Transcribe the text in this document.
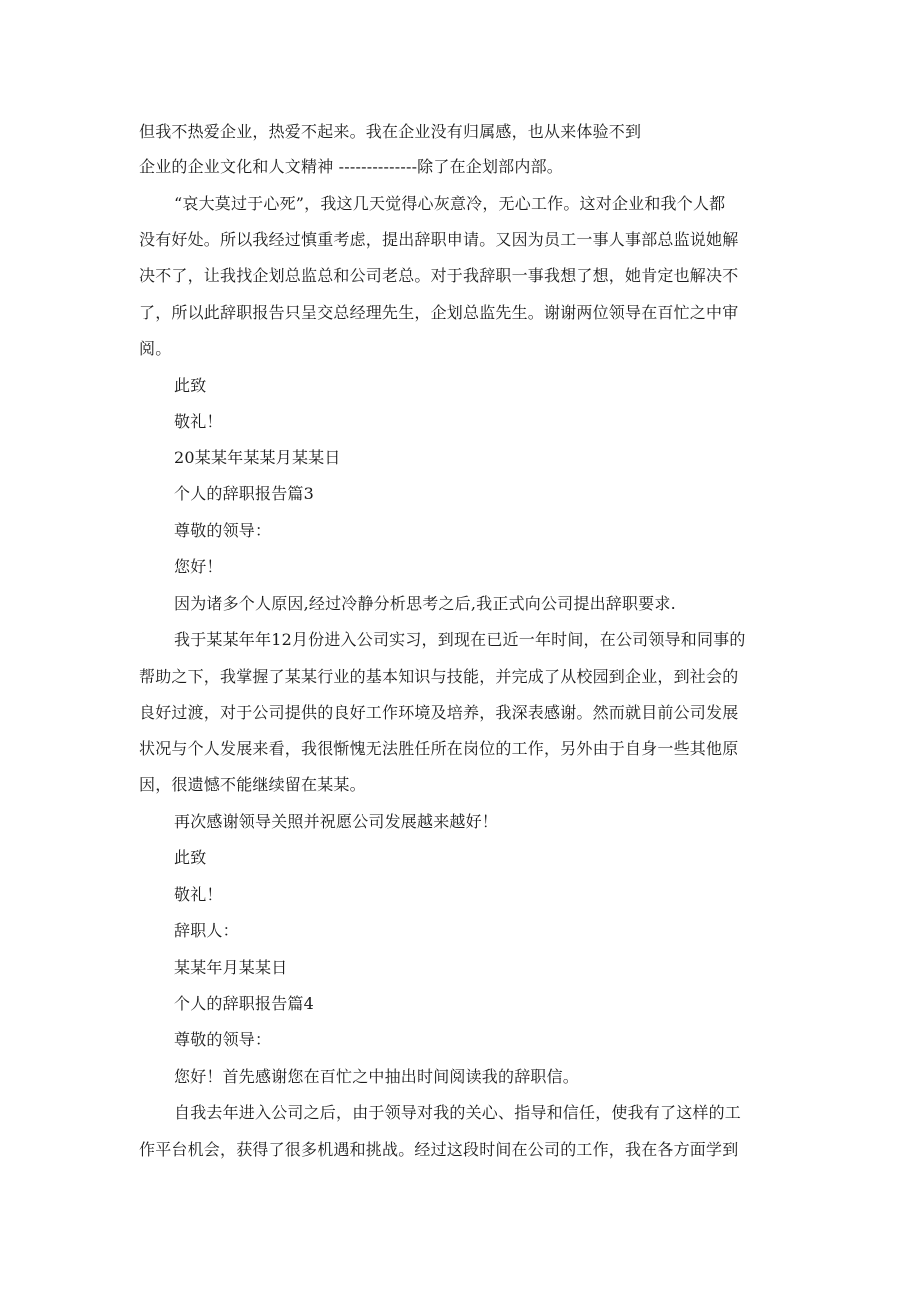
但我不热爱企业，热爱不起来。我在企业没有归属感，也从来体验不到
企业的企业文化和人文精神 --------------除了在企划部内部。
“哀大莫过于心死”，我这几天觉得心灰意冷，无心工作。这对企业和我个人都
没有好处。所以我经过慎重考虑，提出辞职申请。又因为员工一事人事部总监说她解
决不了，让我找企划总监总和公司老总。对于我辞职一事我想了想，她肯定也解决不
了，所以此辞职报告只呈交总经理先生，企划总监先生。谢谢两位领导在百忙之中审
阅。
此致
敬礼！
20某某年某某月某某日
个人的辞职报告篇3
尊敬的领导：
您好！
因为诸多个人原因,经过冷静分析思考之后,我正式向公司提出辞职要求.
我于某某年年12月份进入公司实习，到现在已近一年时间，在公司领导和同事的
帮助之下，我掌握了某某行业的基本知识与技能，并完成了从校园到企业，到社会的
良好过渡，对于公司提供的良好工作环境及培养，我深表感谢。然而就目前公司发展
状况与个人发展来看，我很惭愧无法胜任所在岗位的工作，另外由于自身一些其他原
因，很遗憾不能继续留在某某。
再次感谢领导关照并祝愿公司发展越来越好！
此致
敬礼！
辞职人：
某某年月某某日
个人的辞职报告篇4
尊敬的领导：
您好！首先感谢您在百忙之中抽出时间阅读我的辞职信。
自我去年进入公司之后，由于领导对我的关心、指导和信任，使我有了这样的工
作平台机会，获得了很多机遇和挑战。经过这段时间在公司的工作，我在各方面学到
